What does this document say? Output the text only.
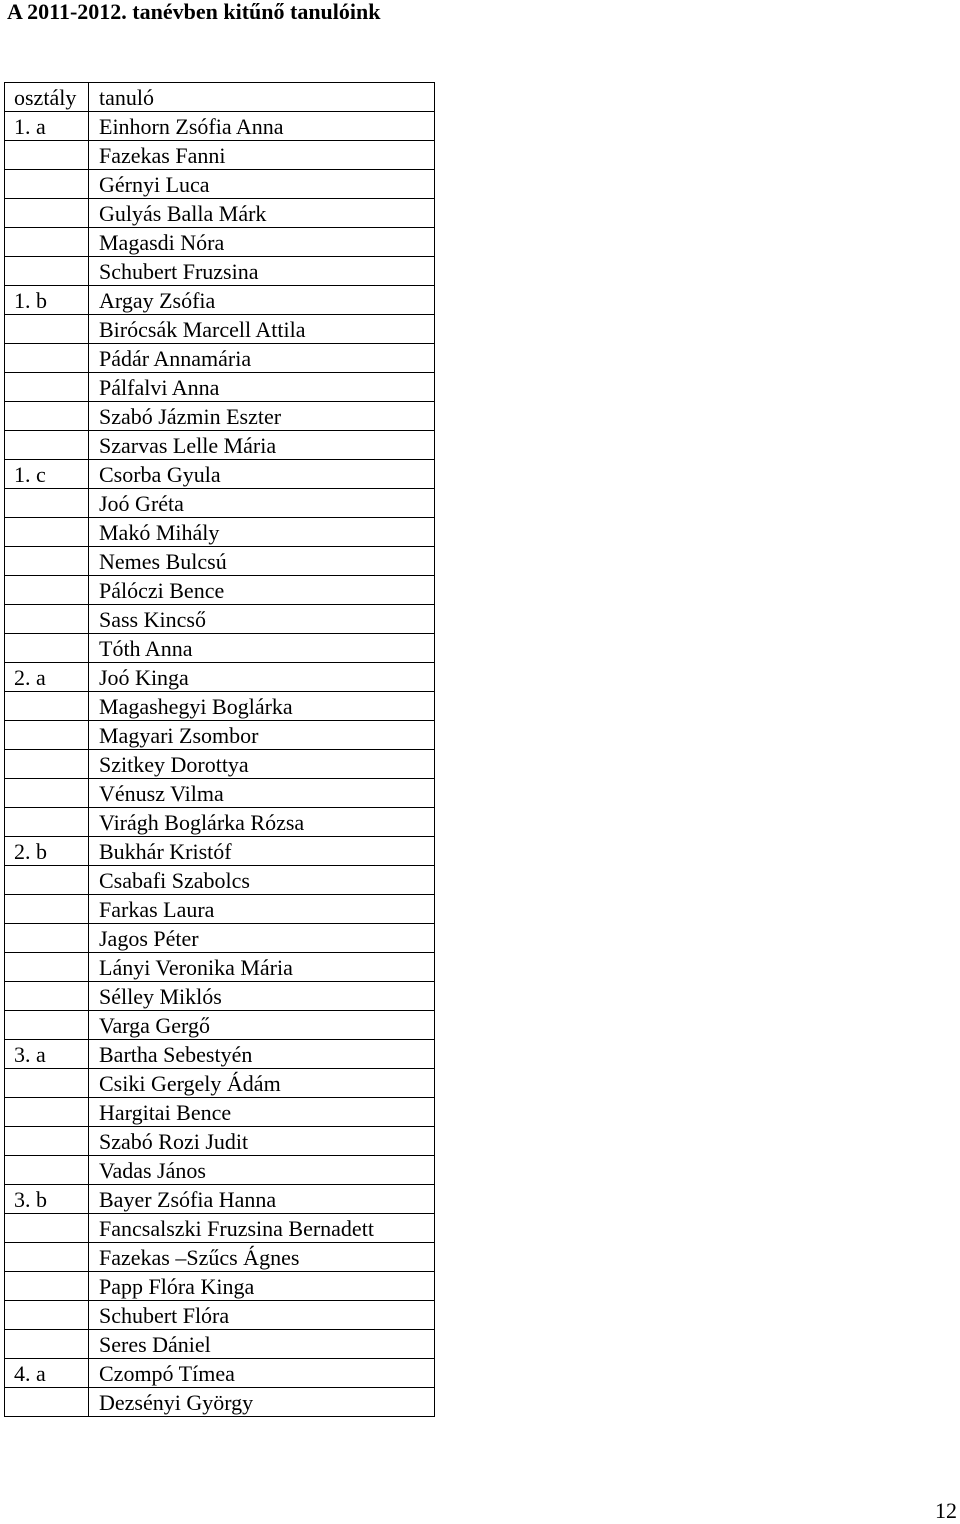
A 2011-2012. tanévben kitűnő tanulóink
osztály	tanuló
1. a	Einhorn Zsófia Anna
	Fazekas Fanni
	Gérnyi Luca
	Gulyás Balla Márk
	Magasdi Nóra
	Schubert Fruzsina
1. b	Argay Zsófia
	Birócsák Marcell Attila
	Pádár Annamária
	Pálfalvi Anna
	Szabó Jázmin Eszter
	Szarvas Lelle Mária
1. c	Csorba Gyula
	Joó Gréta
	Makó Mihály
	Nemes Bulcsú
	Pálóczi Bence
	Sass Kincső
	Tóth Anna
2. a	Joó Kinga
	Magashegyi Boglárka
	Magyari Zsombor
	Szitkey Dorottya
	Vénusz Vilma
	Virágh Boglárka Rózsa
2. b	Bukhár Kristóf
	Csabafi Szabolcs
	Farkas Laura
	Jagos Péter
	Lányi Veronika Mária
	Sélley Miklós
	Varga Gergő
3. a	Bartha Sebestyén
	Csiki Gergely Ádám
	Hargitai Bence
	Szabó Rozi Judit
	Vadas János
3. b	Bayer Zsófia Hanna
	Fancsalszki Fruzsina Bernadett
	Fazekas –Szűcs Ágnes
	Papp Flóra Kinga
	Schubert Flóra
	Seres Dániel
4. a	Czompó Tímea
	Dezsényi György
12
